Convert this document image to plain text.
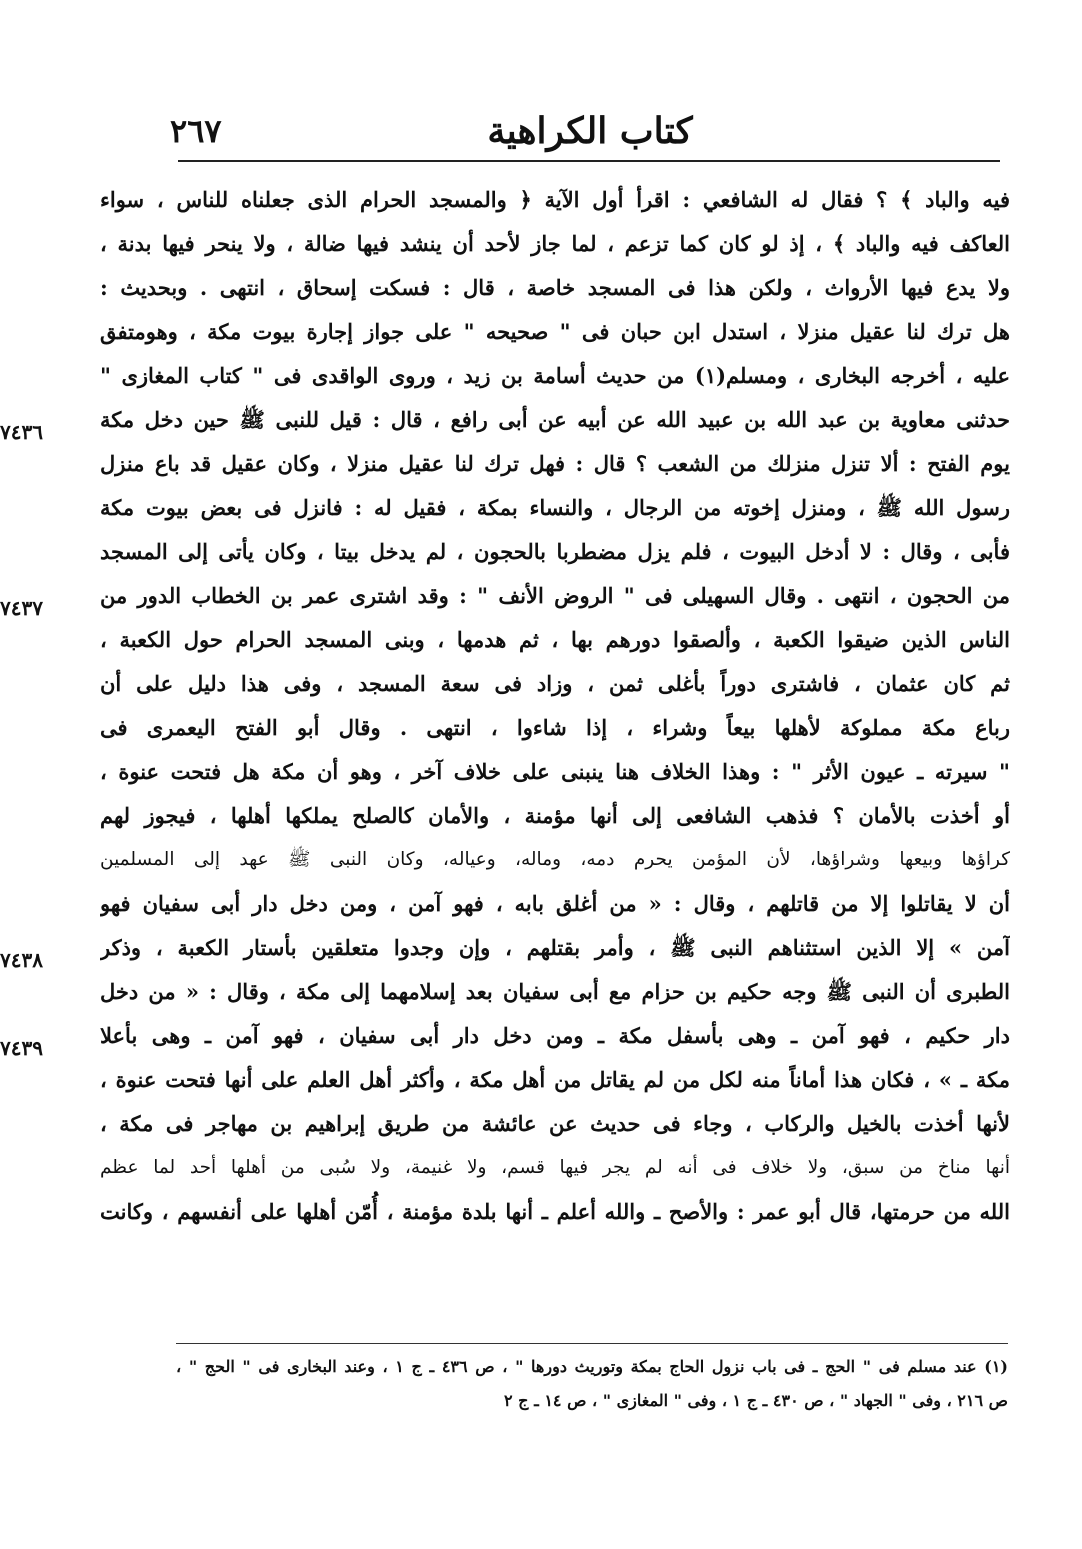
كتاب الكراهية
٢٦٧
فيه والباد ﴾ ؟ فقال له الشافعي : اقرأ أول الآية ﴿ والمسجد الحرام الذى جعلناه للناس ، سواء
العاكف فيه والباد ﴾ ، إذ لو كان كما تزعم ، لما جاز لأحد أن ينشد فيها ضالة ، ولا ينحر فيها بدنة ،
ولا يدع فيها الأرواث ، ولكن هذا فى المسجد خاصة ، قال : فسكت إسحاق ، انتهى . وبحديث :
هل ترك لنا عقيل منزلا ، استدل ابن حبان فى " صحيحه " على جواز إجارة بيوت مكة ، وهومتفق
عليه ، أخرجه البخارى ، ومسلم(١) من حديث أسامة بن زيد ، وروى الواقدى فى " كتاب المغازى "
حدثنى معاوية بن عبد الله بن عبيد الله عن أبيه عن أبى رافع ، قال : قيل للنبى ﷺ حين دخل مكة
يوم الفتح : ألا تنزل منزلك من الشعب ؟ قال : فهل ترك لنا عقيل منزلا ، وكان عقيل قد باع منزل
رسول الله ﷺ ، ومنزل إخوته من الرجال ، والنساء بمكة ، فقيل له : فانزل فى بعض بيوت مكة
فأبى ، وقال : لا أدخل البيوت ، فلم يزل مضطربا بالحجون ، لم يدخل بيتا ، وكان يأتى إلى المسجد
من الحجون ، انتهى . وقال السهيلى فى " الروض الأنف " : وقد اشترى عمر بن الخطاب الدور من
الناس الذين ضيقوا الكعبة ، وألصقوا دورهم بها ، ثم هدمها ، وبنى المسجد الحرام حول الكعبة ،
ثم كان عثمان ، فاشترى دوراً بأغلى ثمن ، وزاد فى سعة المسجد ، وفى هذا دليل على أن
رباع مكة مملوكة لأهلها بيعاً وشراء ، إذا شاءوا ، انتهى . وقال أبو الفتح اليعمرى فى
" سيرته ـ عيون الأثر " : وهذا الخلاف هنا ينبنى على خلاف آخر ، وهو أن مكة هل فتحت عنوة ،
أو أخذت بالأمان ؟ فذهب الشافعى إلى أنها مؤمنة ، والأمان كالصلح يملكها أهلها ، فيجوز لهم
كراؤها وبيعها وشراؤها، لأن المؤمن يحرم دمه، وماله، وعياله، وكان النبى ﷺ عهد إلى المسلمين
أن لا يقاتلوا إلا من قاتلهم ، وقال : « من أغلق بابه ، فهو آمن ، ومن دخل دار أبى سفيان فهو
آمن » إلا الذين استثناهم النبى ﷺ ، وأمر بقتلهم ، وإن وجدوا متعلقين بأستار الكعبة ، وذكر
الطبرى أن النبى ﷺ وجه حكيم بن حزام مع أبى سفيان بعد إسلامهما إلى مكة ، وقال : « من دخل
دار حكيم ، فهو آمن ـ وهى بأسفل مكة ـ ومن دخل دار أبى سفيان ، فهو آمن ـ وهى بأعلا
مكة ـ » ، فكان هذا أماناً منه لكل من لم يقاتل من أهل مكة ، وأكثر أهل العلم على أنها فتحت عنوة ،
لأنها أخذت بالخيل والركاب ، وجاء فى حديث عن عائشة من طريق إبراهيم بن مهاجر فى مكة ،
أنها مناخ من سبق، ولا خلاف فى أنه لم يجر فيها قسم، ولا غنيمة، ولا سُبى من أهلها أحد لما عظم
الله من حرمتها، قال أبو عمر : والأصح ـ والله أعلم ـ أنها بلدة مؤمنة ، أُمّن أهلها على أنفسهم ، وكانت
٧٤٣٦
٧٤٣٧
٧٤٣٨
٧٤٣٩
(١) عند مسلم فى " الحج ـ فى باب نزول الحاج بمكة وتوريث دورها " ، ص ٤٣٦ ـ ج ١ ، وعند البخارى فى " الحج " ،
ص ٢١٦ ، وفى " الجهاد " ، ص ٤٣٠ ـ ج ١ ، وفى " المغازى " ، ص ١٤ ـ ج ٢
